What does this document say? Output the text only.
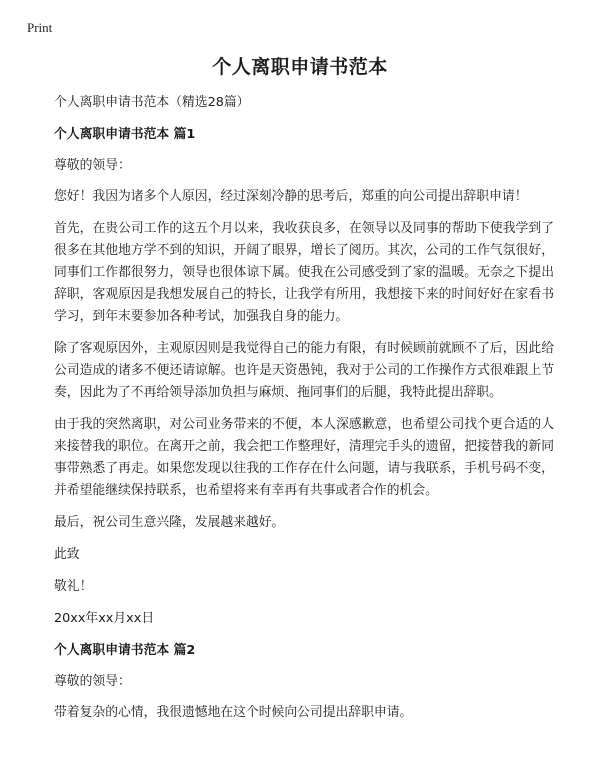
Print
个人离职申请书范本

个人离职申请书范本（精选28篇）

个人离职申请书范本 篇1

尊敬的领导：

您好！我因为诸多个人原因，经过深刻冷静的思考后，郑重的向公司提出辞职申请！

首先，在贵公司工作的这五个月以来，我收获良多，在领导以及同事的帮助下使我学到了很多在其他地方学不到的知识，开阔了眼界，增长了阅历。其次，公司的工作气氛很好，同事们工作都很努力，领导也很体谅下属。使我在公司感受到了家的温暖。无奈之下提出辞职，客观原因是我想发展自己的特长，让我学有所用，我想接下来的时间好好在家看书学习，到年末要参加各种考试，加强我自身的能力。

除了客观原因外，主观原因则是我觉得自己的能力有限，有时候顾前就顾不了后，因此给公司造成的诸多不便还请谅解。也许是天资愚钝，我对于公司的工作操作方式很难跟上节奏，因此为了不再给领导添加负担与麻烦、拖同事们的后腿，我特此提出辞职。

由于我的突然离职，对公司业务带来的不便，本人深感歉意，也希望公司找个更合适的人来接替我的职位。在离开之前，我会把工作整理好，清理完手头的遗留，把接替我的新同事带熟悉了再走。如果您发现以往我的工作存在什么问题，请与我联系，手机号码不变，并希望能继续保持联系，也希望将来有幸再有共事或者合作的机会。

最后，祝公司生意兴隆，发展越来越好。

此致

敬礼！

20xx年xx月xx日

个人离职申请书范本 篇2

尊敬的领导：

带着复杂的心情，我很遗憾地在这个时候向公司提出辞职申请。
